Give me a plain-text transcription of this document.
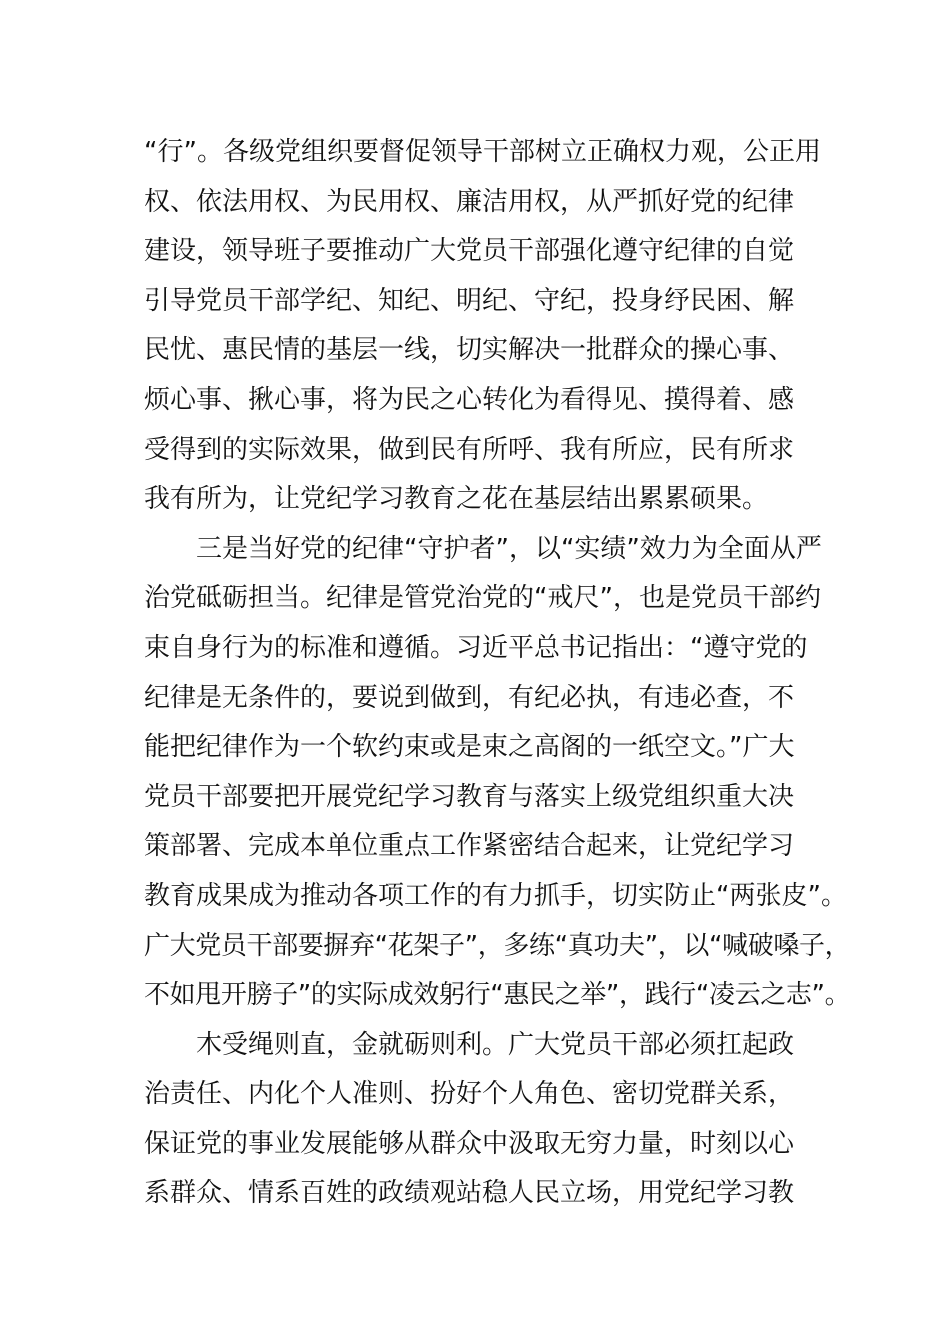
“行”。各级党组织要督促领导干部树立正确权力观，公正用
权、依法用权、为民用权、廉洁用权，从严抓好党的纪律
建设，领导班子要推动广大党员干部强化遵守纪律的自觉
引导党员干部学纪、知纪、明纪、守纪，投身纾民困、解
民忧、惠民情的基层一线，切实解决一批群众的操心事、
烦心事、揪心事，将为民之心转化为看得见、摸得着、感
受得到的实际效果，做到民有所呼、我有所应，民有所求
我有所为，让党纪学习教育之花在基层结出累累硕果。
三是当好党的纪律“守护者”，以“实绩”效力为全面从严
治党砥砺担当。纪律是管党治党的“戒尺”，也是党员干部约
束自身行为的标准和遵循。习近平总书记指出：“遵守党的
纪律是无条件的，要说到做到，有纪必执，有违必查，不
能把纪律作为一个软约束或是束之高阁的一纸空文。”广大
党员干部要把开展党纪学习教育与落实上级党组织重大决
策部署、完成本单位重点工作紧密结合起来，让党纪学习
教育成果成为推动各项工作的有力抓手，切实防止“两张皮”。
广大党员干部要摒弃“花架子”，多练“真功夫”，以“喊破嗓子，
不如甩开膀子”的实际成效躬行“惠民之举”，践行“凌云之志”。
木受绳则直，金就砺则利。广大党员干部必须扛起政
治责任、内化个人准则、扮好个人角色、密切党群关系，
保证党的事业发展能够从群众中汲取无穷力量，时刻以心
系群众、情系百姓的政绩观站稳人民立场，用党纪学习教
